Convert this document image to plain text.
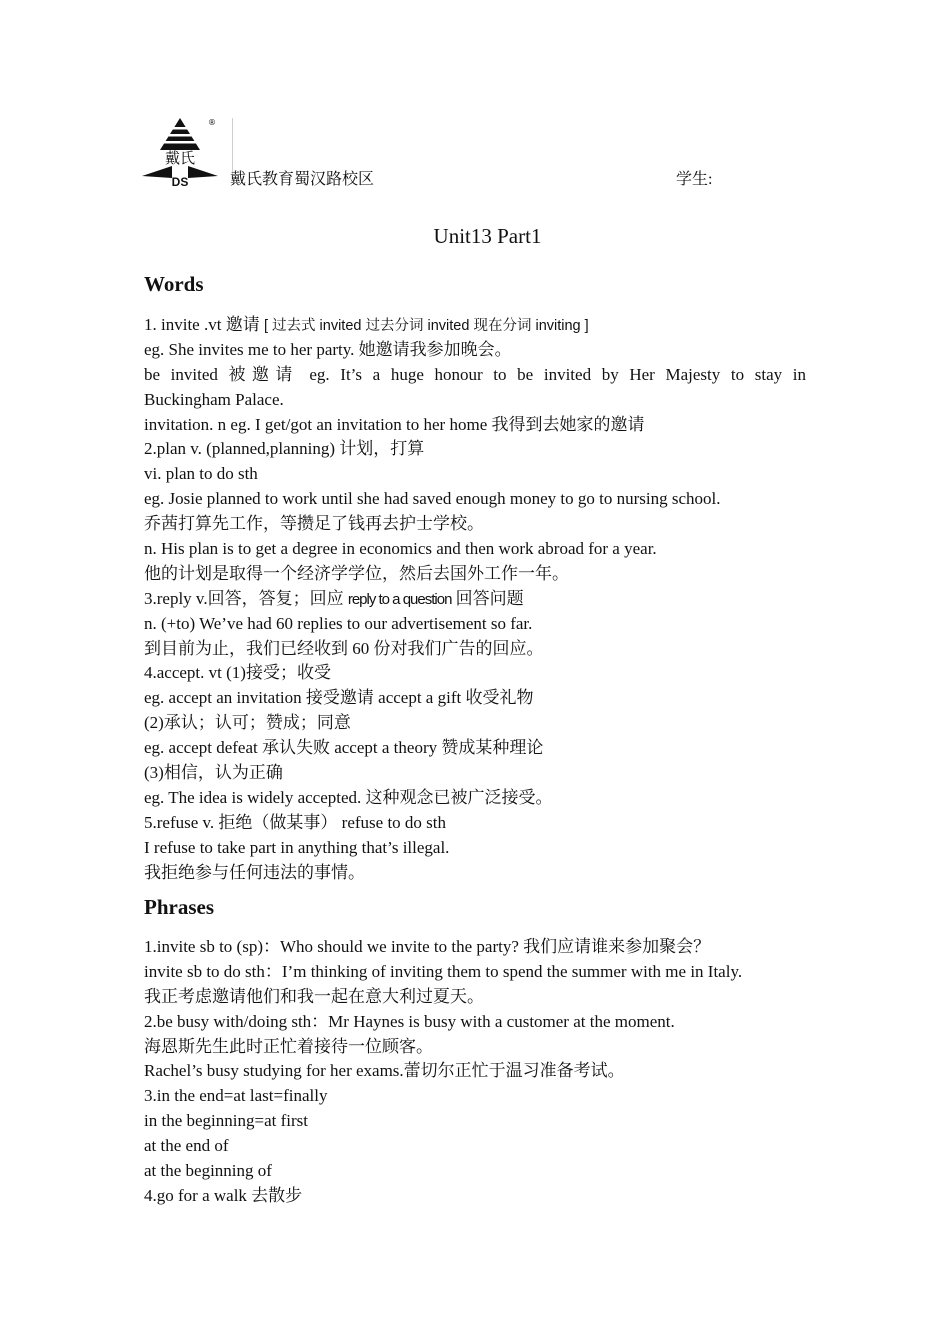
戴氏
DS
®
戴氏教育蜀汉路校区	学生:
Unit13 Part1
Words
1. invite .vt 邀请 [ 过去式 invited 过去分词 invited 现在分词 inviting ]
eg. She invites me to her party. 她邀请我参加晚会。
be invited 被邀请 eg. It’s a huge honour to be invited by Her Majesty to stay in
Buckingham Palace.
invitation. n eg. I get/got an invitation to her home 我得到去她家的邀请
2.plan v. (planned,planning) 计划，打算
vi. plan to do sth
eg. Josie planned to work until she had saved enough money to go to nursing school.
乔茜打算先工作，等攒足了钱再去护士学校。
n. His plan is to get a degree in economics and then work abroad for a year.
他的计划是取得一个经济学学位，然后去国外工作一年。
3.reply v.回答，答复；回应 reply to a question 回答问题
n. (+to) We’ve had 60 replies to our advertisement so far.
到目前为止，我们已经收到 60 份对我们广告的回应。
4.accept. vt (1)接受；收受
eg. accept an invitation 接受邀请 accept a gift 收受礼物
(2)承认；认可；赞成；同意
eg. accept defeat 承认失败 accept a theory 赞成某种理论
(3)相信，认为正确
eg. The idea is widely accepted. 这种观念已被广泛接受。
5.refuse v. 拒绝（做某事） refuse to do sth
I refuse to take part in anything that’s illegal.
我拒绝参与任何违法的事情。
Phrases
1.invite sb to (sp)：Who should we invite to the party? 我们应请谁来参加聚会？
invite sb to do sth：I’m thinking of inviting them to spend the summer with me in Italy.
我正考虑邀请他们和我一起在意大利过夏天。
2.be busy with/doing sth：Mr Haynes is busy with a customer at the moment.
海恩斯先生此时正忙着接待一位顾客。
Rachel’s busy studying for her exams.蕾切尔正忙于温习准备考试。
3.in the end=at last=finally
in the beginning=at first
at the end of
at the beginning of
4.go for a walk 去散步
